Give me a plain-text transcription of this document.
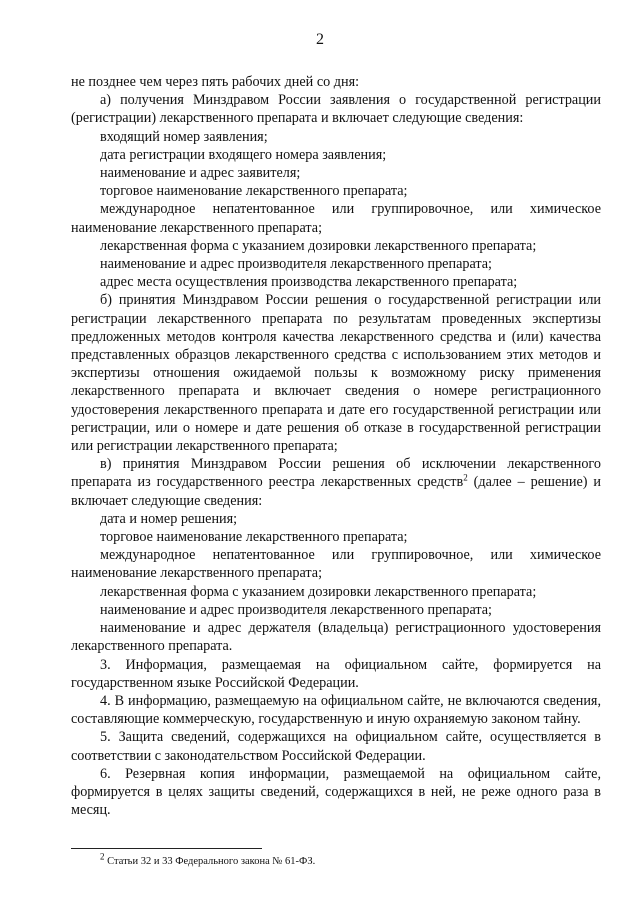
2

не позднее чем через пять рабочих дней со дня:

а) получения Минздравом России заявления о государственной регистрации (регистрации) лекарственного препарата и включает следующие сведения:

входящий номер заявления;

дата регистрации входящего номера заявления;

наименование и адрес заявителя;

торговое наименование лекарственного препарата;

международное непатентованное или группировочное, или химическое наименование лекарственного препарата;

лекарственная форма с указанием дозировки лекарственного препарата;

наименование и адрес производителя лекарственного препарата;

адрес места осуществления производства лекарственного препарата;

б) принятия Минздравом России решения о государственной регистрации или регистрации лекарственного препарата по результатам проведенных экспертизы предложенных методов контроля качества лекарственного средства и (или) качества представленных образцов лекарственного средства с использованием этих методов и экспертизы отношения ожидаемой пользы к возможному риску применения лекарственного препарата и включает сведения о номере регистрационного удостоверения лекарственного препарата и дате его государственной регистрации или регистрации, или о номере и дате решения об отказе в государственной регистрации или регистрации лекарственного препарата;

в) принятия Минздравом России решения об исключении лекарственного препарата из государственного реестра лекарственных средств$^2$ (далее – решение) и включает следующие сведения:

дата и номер решения;

торговое наименование лекарственного препарата;

международное непатентованное или группировочное, или химическое наименование лекарственного препарата;

лекарственная форма с указанием дозировки лекарственного препарата;

наименование и адрес производителя лекарственного препарата;

наименование и адрес держателя (владельца) регистрационного удостоверения лекарственного препарата.

3. Информация, размещаемая на официальном сайте, формируется на государственном языке Российской Федерации.

4. В информацию, размещаемую на официальном сайте, не включаются сведения, составляющие коммерческую, государственную и иную охраняемую законом тайну.

5. Защита сведений, содержащихся на официальном сайте, осуществляется в соответствии с законодательством Российской Федерации.

6. Резервная копия информации, размещаемой на официальном сайте, формируется в целях защиты сведений, содержащихся в ней, не реже одного раза в месяц.

$^2$ Статьи 32 и 33 Федерального закона № 61-ФЗ.
